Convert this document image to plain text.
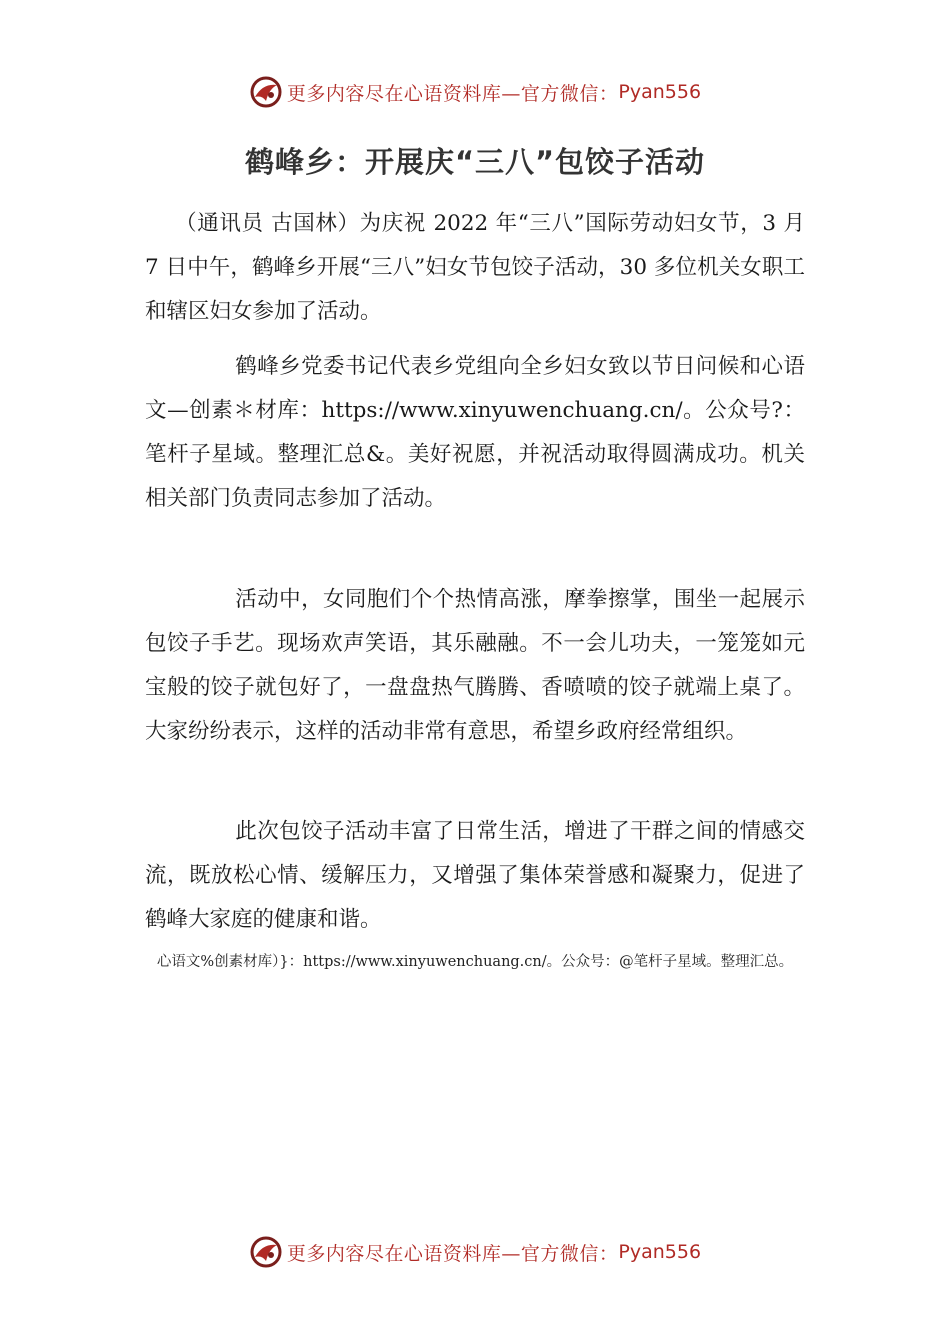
更多内容尽在心语资料库—官方微信： Pyan556
鹤峰乡：开展庆“三八”包饺子活动

（通讯员 古国林）为庆祝 2022 年“三八”国际劳动妇女节，3 月 7 日中午，鹤峰乡开展“三八”妇女节包饺子活动，30 多位机关女职工和辖区妇女参加了活动。

鹤峰乡党委书记代表乡党组向全乡妇女致以节日问候和心语文—创素＊材库：https://www.xinyuwenchuang.cn/。公众号?：笔杆子星域。整理汇总&。美好祝愿，并祝活动取得圆满成功。机关相关部门负责同志参加了活动。

活动中，女同胞们个个热情高涨，摩拳擦掌，围坐一起展示包饺子手艺。现场欢声笑语，其乐融融。不一会儿功夫，一笼笼如元宝般的饺子就包好了，一盘盘热气腾腾、香喷喷的饺子就端上桌了。大家纷纷表示，这样的活动非常有意思，希望乡政府经常组织。

此次包饺子活动丰富了日常生活，增进了干群之间的情感交流，既放松心情、缓解压力，又增强了集体荣誉感和凝聚力，促进了鹤峰大家庭的健康和谐。

心语文%创素材库）}：https://www.xinyuwenchuang.cn/。公众号：@笔杆子星域。整理汇总。
更多内容尽在心语资料库—官方微信： Pyan556
